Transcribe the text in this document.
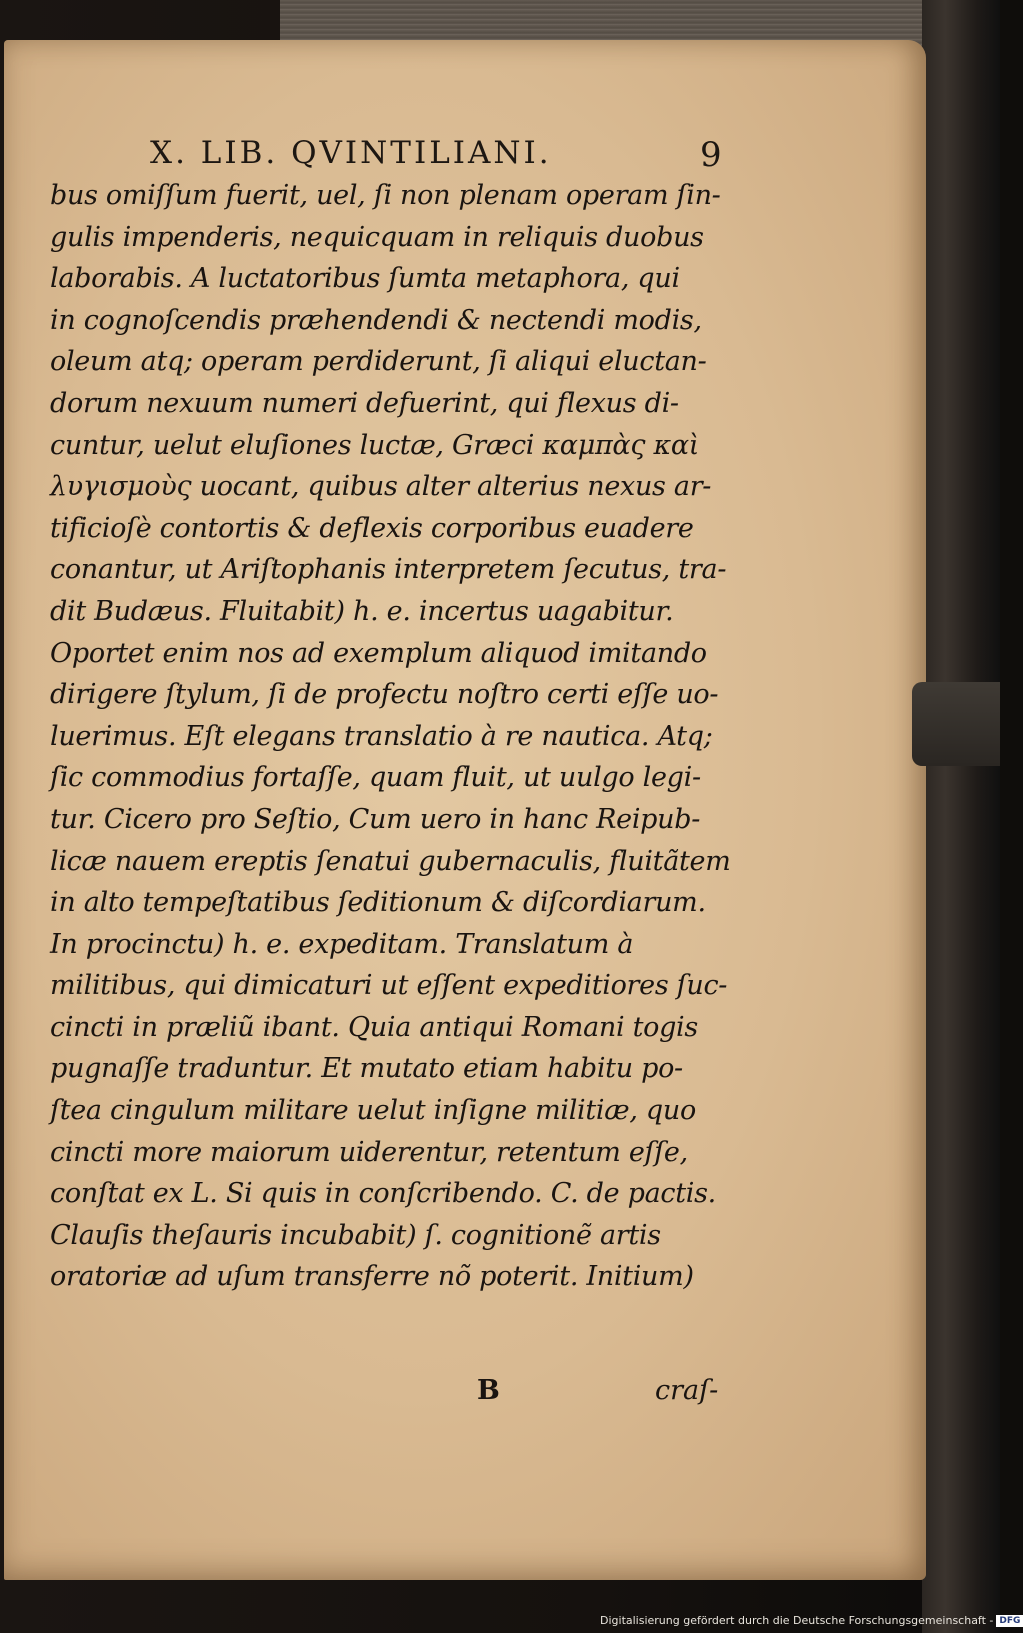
X. LIB. QVINTILIANI.	9
bus omiſſum fuerit, uel, ſi non plenam operam ſin-
gulis impenderis, nequicquam in reliquis duobus
laborabis. A luctatoribus ſumta metaphora, qui
in cognoſcendis præhendendi & nectendi modis,
oleum atq; operam perdiderunt, ſi aliqui eluctan-
dorum nexuum numeri defuerint, qui flexus di-
cuntur, uelut eluſiones luctæ, Græci καμπὰς καὶ
λυγισμοὺς uocant, quibus alter alterius nexus ar-
tificioſè contortis & deflexis corporibus euadere
conantur, ut Ariſtophanis interpretem ſecutus, tra-
dit Budæus. Fluitabit) h. e. incertus uagabitur.
Oportet enim nos ad exemplum aliquod imitando
dirigere ſtylum, ſi de profectu noſtro certi eſſe uo-
luerimus. Eſt elegans translatio à re nautica. Atq;
ſic commodius fortaſſe, quam fluit, ut uulgo legi-
tur. Cicero pro Seſtio, Cum uero in hanc Reipub-
licæ nauem ereptis ſenatui gubernaculis, fluitãtem
in alto tempeſtatibus ſeditionum & diſcordiarum.
In procinctu) h. e. expeditam. Translatum à
militibus, qui dimicaturi ut eſſent expeditiores ſuc-
cincti in præliũ ibant. Quia antiqui Romani togis
pugnaſſe traduntur. Et mutato etiam habitu po-
ſtea cingulum militare uelut inſigne militiæ, quo
cincti more maiorum uiderentur, retentum eſſe,
conſtat ex L. Si quis in conſcribendo. C. de pactis.
Clauſis theſauris incubabit) ſ. cognitionẽ artis
oratoriæ ad uſum transferre nõ poterit. Initium)
B	craſ-
Digitalisierung gefördert durch die Deutsche Forschungsgemeinschaft - DFG
